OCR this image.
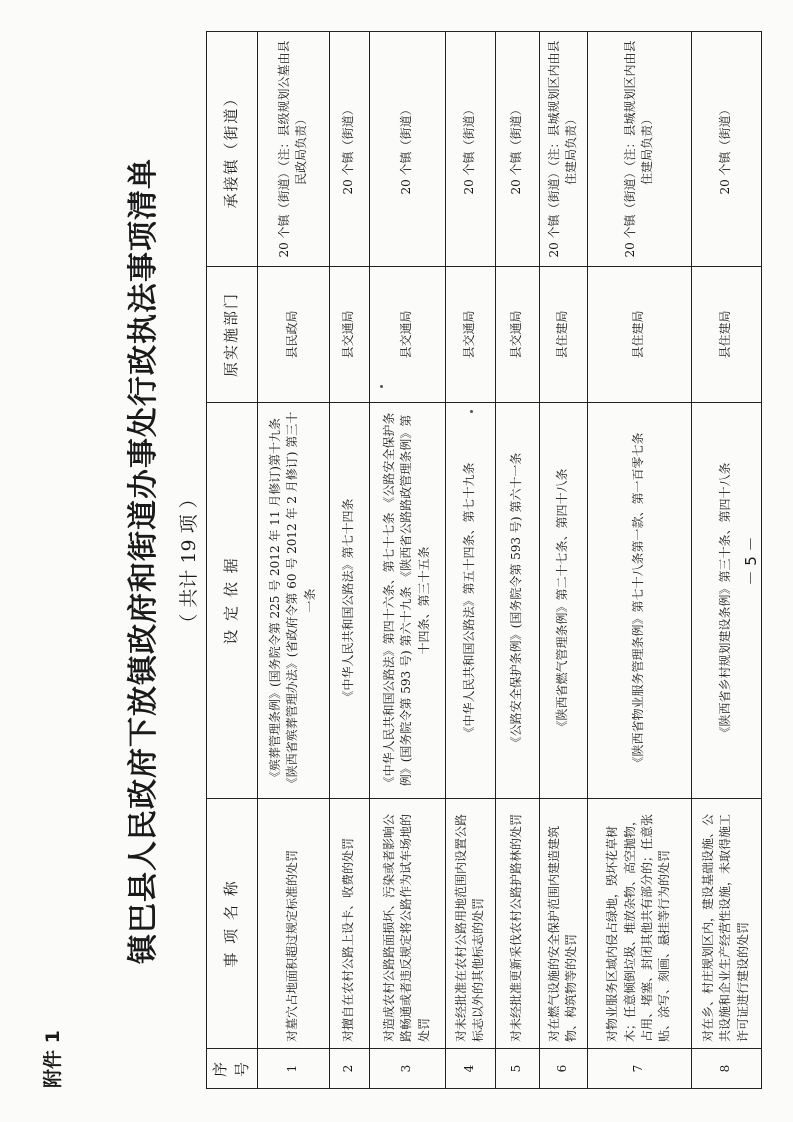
附件 1
镇巴县人民政府下放镇政府和街道办事处行政执法事项清单 （ 共计 19 项 ）
序号	事 项 名 称	设 定 依 据	原实施部门	承接镇（街道）
1	对墓穴占地面积超过规定标准的处罚	《殡葬管理条例》(国务院令第 225 号 2012 年 11 月修订)第十九条《陕西省殡葬管理办法》(省政府令第 60 号 2012 年 2 月修订) 第三十一条	县民政局	20 个镇（街道）（注：县级规划公墓由县民政局负责）
2	对擅自在农村公路上设卡、收费的处罚	《中华人民共和国公路法》第七十四条	县交通局	20 个镇（街道）
3	对造成农村公路路面损坏、污染或者影响公路畅通或者违反规定将公路作为试车场地的处罚	《中华人民共和国公路法》第四十六条、第七十七条 《公路安全保护条例》(国务院令第 593 号) 第六十九条 《陕西省公路路政管理条例》第十四条、第三十五条	县交通局	20 个镇（街道）
4	对未经批准在农村公路用地范围内设置公路标志以外的其他标志的处罚	《中华人民共和国公路法》第五十四条、第七十九条	县交通局	20 个镇（街道）
5	对未经批准更新采伐农村公路护路林的处罚	《公路安全保护条例》(国务院令第 593 号) 第六十一条	县交通局	20 个镇（街道）
6	对在燃气设施的安全保护范围内建造建筑物、构筑物等的处罚	《陕西省燃气管理条例》第二十七条、第四十八条	县住建局	20 个镇（街道）（注：县城规划区内由县住建局负责）
7	对物业服务区域内侵占绿地，毁坏花草树木；任意倾倒垃圾、堆放杂物、高空抛物，占用、堵塞、封闭其他共有部分的；任意张贴、涂写、刻画、悬挂等行为的处罚	《陕西省物业服务管理条例》第七十八条第一款、第一百零七条	县住建局	20 个镇（街道）（注：县城规划区内由县住建局负责）
8	对在乡、村庄规划区内，建设基础设施、公共设施和企业生产经营性设施，未取得施工许可证进行建设的处罚	《陕西省乡村规划建设条例》第三十条、第四十八条	县住建局	20 个镇（街道）
－ 5 －
